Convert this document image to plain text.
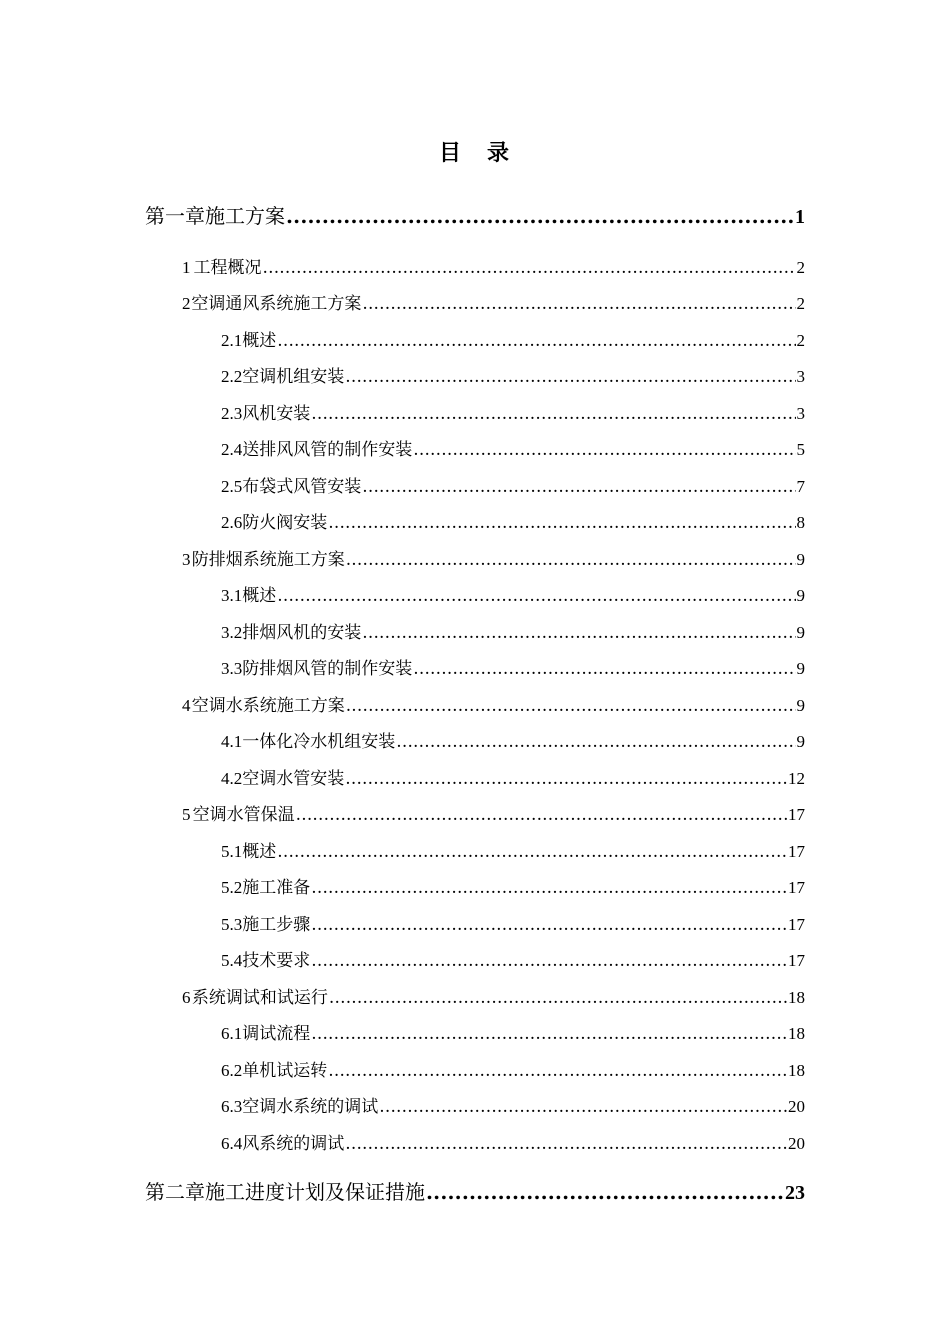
目　录
第一章 施工方案 .....	1
1 工程概况 .....	2
2 空调通风系统施工方案 .....	2
2.1 概述 .....	2
2.2 空调机组安装 .....	3
2.3 风机安装 .....	3
2.4 送排风风管的制作安装 .....	5
2.5 布袋式风管安装 .....	7
2.6 防火阀安装 .....	8
3 防排烟系统施工方案 .....	9
3.1 概述 .....	9
3.2 排烟风机的安装 .....	9
3.3 防排烟风管的制作安装 .....	9
4 空调水系统施工方案 .....	9
4.1 一体化冷水机组安装 .....	9
4.2 空调水管安装 .....	12
5 空调水管保温 .....	17
5.1 概述 .....	17
5.2 施工准备 .....	17
5.3 施工步骤 .....	17
5.4 技术要求 .....	17
6 系统调试和试运行 .....	18
6.1 调试流程 .....	18
6.2 单机试运转 .....	18
6.3 空调水系统的调试 .....	20
6.4 风系统的调试 .....	20
第二章 施工进度计划及保证措施 .....	23
